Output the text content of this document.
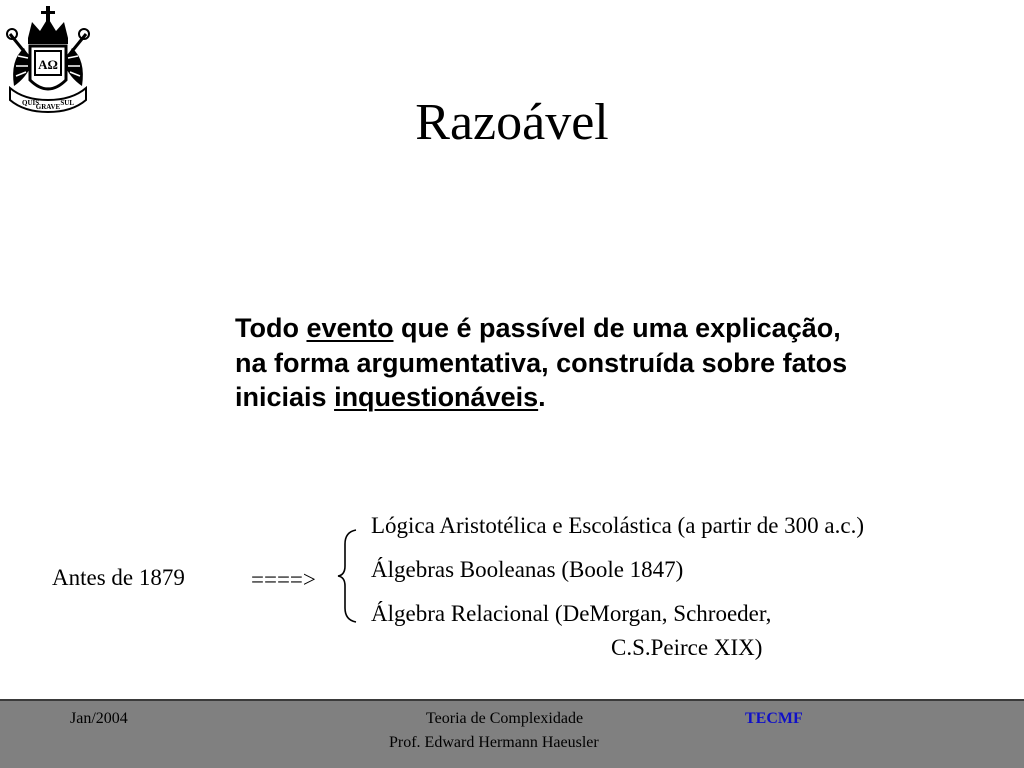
AΩ
QUIS
GRAVE SUL	Razoável
Todo evento que é passível de uma explicação, na forma argumentativa, construída sobre fatos iniciais inquestionáveis.
Antes de 1879	====>
Lógica Aristotélica e Escolástica (a partir de 300 a.c.)
Álgebras Booleanas (Boole 1847)
Álgebra Relacional (DeMorgan, Schroeder,
C.S.Peirce XIX)
Jan/2004	Teoria de Complexidade	TECMF
Prof. Edward Hermann Haeusler
